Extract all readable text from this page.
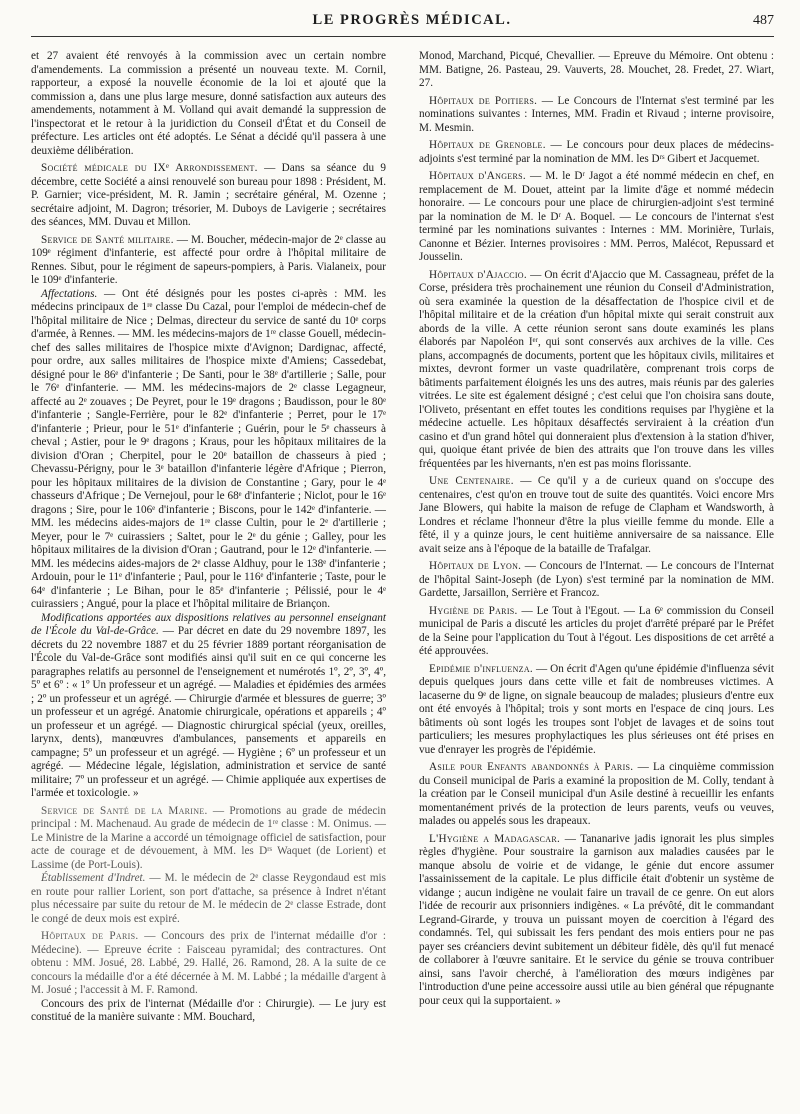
LE PROGRÈS MÉDICAL.	487

et 27 avaient été renvoyés à la commission avec un certain nombre d'amendements. La commission a présenté un nouveau texte. M. Cornil, rapporteur, a exposé la nouvelle économie de la loi et ajouté que la commission a, dans une plus large mesure, donné satisfaction aux auteurs des amendements, notamment à M. Volland qui avait demandé la suppression de l'inspectorat et le retour à la juridiction du Conseil d'État et du Conseil de préfecture. Les articles ont été adoptés. Le Sénat a décidé qu'il passera à une deuxième délibération.

Société médicale du IXᵉ Arrondissement. — Dans sa séance du 9 décembre, cette Société a ainsi renouvelé son bureau pour 1898 : Président, M. P. Garnier; vice-président, M. R. Jamin ; secrétaire général, M. Ozenne ; secrétaire adjoint, M. Dagron; trésorier, M. Duboys de Lavigerie ; secrétaires des séances, MM. Duvau et Millon.

Service de Santé militaire. — M. Boucher, médecin-major de 2ᵉ classe au 109ᵉ régiment d'infanterie, est affecté pour ordre à l'hôpital militaire de Rennes. Sibut, pour le régiment de sapeurs-pompiers, à Paris. Vialaneix, pour le 109ᵉ d'infanterie.

Affectations. — Ont été désignés pour les postes ci-après : MM. les médecins principaux de 1ʳᵉ classe Du Cazal, pour l'emploi de médecin-chef de l'hôpital militaire de Nice ; Delmas, directeur du service de santé du 10ᵉ corps d'armée, à Rennes. — MM. les médecins-majors de 1ʳᵉ classe Gouell, médecin-chef des salles militaires de l'hospice mixte d'Avignon; Dardignac, affecté, pour ordre, aux salles militaires de l'hospice mixte d'Amiens; Cassedebat, désigné pour le 86ᵉ d'infanterie ; De Santi, pour le 38ᵉ d'artillerie ; Salle, pour le 76ᵉ d'infanterie. — MM. les médecins-majors de 2ᵉ classe Legagneur, affecté au 2ᵉ zouaves ; De Peyret, pour le 19ᵉ dragons ; Baudisson, pour le 80ᵉ d'infanterie ; Sangle-Ferrière, pour le 82ᵉ d'infanterie ; Perret, pour le 17ᵉ d'infanterie ; Prieur, pour le 51ᵉ d'infanterie ; Guérin, pour le 5ᵉ chasseurs à cheval ; Astier, pour le 9ᵉ dragons ; Kraus, pour les hôpitaux militaires de la division d'Oran ; Cherpitel, pour le 20ᵉ bataillon de chasseurs à pied ; Chevassu-Périgny, pour le 3ᵉ bataillon d'infanterie légère d'Afrique ; Pierron, pour les hôpitaux militaires de la division de Constantine ; Gary, pour le 4ᵉ chasseurs d'Afrique ; De Vernejoul, pour le 68ᵉ d'infanterie ; Niclot, pour le 16ᵉ dragons ; Sire, pour le 106ᵉ d'infanterie ; Biscons, pour le 142ᵉ d'infanterie. — MM. les médecins aides-majors de 1ʳᵉ classe Cultin, pour le 2ᵉ d'artillerie ; Meyer, pour le 7ᵉ cuirassiers ; Saltet, pour le 2ᵉ du génie ; Galley, pour les hôpitaux militaires de la division d'Oran ; Gautrand, pour le 12ᵉ d'infanterie. — MM. les médecins aides-majors de 2ᵉ classe Aldhuy, pour le 138ᵉ d'infanterie ; Ardouin, pour le 11ᵉ d'infanterie ; Paul, pour le 116ᵉ d'infanterie ; Taste, pour le 64ᵉ d'infanterie ; Le Bihan, pour le 85ᵉ d'infanterie ; Pélissié, pour le 4ᵉ cuirassiers ; Angué, pour la place et l'hôpital militaire de Briançon.

Modifications apportées aux dispositions relatives au personnel enseignant de l'École du Val-de-Grâce. — Par décret en date du 29 novembre 1897, les décrets du 22 novembre 1887 et du 25 février 1889 portant réorganisation de l'École du Val-de-Grâce sont modifiés ainsi qu'il suit en ce qui concerne les paragraphes relatifs au personnel de l'enseignement et numérotés 1º, 2º, 3º, 4º, 5º et 6º : « 1º Un professeur et un agrégé. — Maladies et épidémies des armées ; 2º un professeur et un agrégé. — Chirurgie d'armée et blessures de guerre; 3º un professeur et un agrégé. Anatomie chirurgicale, opérations et appareils ; 4º un professeur et un agrégé. — Diagnostic chirurgical spécial (yeux, oreilles, larynx, dents), manœuvres d'ambulances, pansements et appareils en campagne; 5º un professeur et un agrégé. — Hygiène ; 6º un professeur et un agrégé. — Médecine légale, législation, administration et service de santé militaire; 7º un professeur et un agrégé. — Chimie appliquée aux expertises de l'armée et toxicologie. »

Service de Santé de la Marine. — Promotions au grade de médecin principal : M. Machenaud. Au grade de médecin de 1ʳᵉ classe : M. Onimus. — Le Ministre de la Marine a accordé un témoignage officiel de satisfaction, pour acte de courage et de dévouement, à MM. les Dʳˢ Waquet (de Lorient) et Lassime (de Port-Louis).

Établissement d'Indret. — M. le médecin de 2ᵉ classe Reygondaud est mis en route pour rallier Lorient, son port d'attache, sa présence à Indret n'étant plus nécessaire par suite du retour de M. le médecin de 2ᵉ classe Estrade, dont le congé de deux mois est expiré.

Hôpitaux de Paris. — Concours des prix de l'internat médaille d'or : Médecine). — Epreuve écrite : Faisceau pyramidal; des contractures. Ont obtenu : MM. Josué, 28. Labbé, 29. Hallé, 26. Ramond, 28. A la suite de ce concours la médaille d'or a été décernée à M. M. Labbé ; la médaille d'argent à M. Josué ; l'accessit à M. F. Ramond.

Concours des prix de l'internat (Médaille d'or : Chirurgie). — Le jury est constitué de la manière suivante : MM. Bouchard,

Monod, Marchand, Picqué, Chevallier. — Epreuve du Mémoire. Ont obtenu : MM. Batigne, 26. Pasteau, 29. Vauverts, 28. Mouchet, 28. Fredet, 27. Wiart, 27.

Hôpitaux de Poitiers. — Le Concours de l'Internat s'est terminé par les nominations suivantes : Internes, MM. Fradin et Rivaud ; interne provisoire, M. Mesmin.

Hôpitaux de Grenoble. — Le concours pour deux places de médecins-adjoints s'est terminé par la nomination de MM. les Dʳˢ Gibert et Jacquemet.

Hôpitaux d'Angers. — M. le Dʳ Jagot a été nommé médecin en chef, en remplacement de M. Douet, atteint par la limite d'âge et nommé médecin honoraire. — Le concours pour une place de chirurgien-adjoint s'est terminé par la nomination de M. le Dʳ A. Boquel. — Le concours de l'internat s'est terminé par les nominations suivantes : Internes : MM. Morinière, Turlais, Canonne et Bézier. Internes provisoires : MM. Perros, Malécot, Repussard et Jousselin.

Hôpitaux d'Ajaccio. — On écrit d'Ajaccio que M. Cassagneau, préfet de la Corse, présidera très prochainement une réunion du Conseil d'Administration, où sera examinée la question de la désaffectation de l'hospice civil et de l'hôpital militaire et de la création d'un hôpital mixte qui serait construit aux abords de la ville. A cette réunion seront sans doute examinés les plans élaborés par Napoléon Iᵉʳ, qui sont conservés aux archives de la ville. Ces plans, accompagnés de documents, portent que les hôpitaux civils, militaires et mixtes, devront former un vaste quadrilatère, comprenant trois corps de bâtiments parfaitement éloignés les uns des autres, mais réunis par des galeries vitrées. Le site est également désigné ; c'est celui que l'on choisira sans doute, l'Oliveto, présentant en effet toutes les conditions requises par l'hygiène et la médecine actuelle. Les hôpitaux désaffectés serviraient à la création d'un casino et d'un grand hôtel qui donneraient plus d'extension à la station d'hiver, qui, quoique étant privée de bien des attraits que l'on trouve dans les villes fréquentées par les hivernants, n'en est pas moins florissante.

Une Centenaire. — Ce qu'il y a de curieux quand on s'occupe des centenaires, c'est qu'on en trouve tout de suite des quantités. Voici encore Mrs Jane Blowers, qui habite la maison de refuge de Clapham et Wandsworth, à Londres et réclame l'honneur d'être la plus vieille femme du monde. Elle a fêté, il y a quinze jours, le cent huitième anniversaire de sa naissance. Elle avait seize ans à l'époque de la bataille de Trafalgar.

Hôpitaux de Lyon. — Concours de l'Internat. — Le concours de l'Internat de l'hôpital Saint-Joseph (de Lyon) s'est terminé par la nomination de MM. Gardette, Jarsaillon, Serrière et Francoz.

Hygiène de Paris. — Le Tout à l'Egout. — La 6ᵉ commission du Conseil municipal de Paris a discuté les articles du projet d'arrêté préparé par le Préfet de la Seine pour l'application du Tout à l'égout. Les dispositions de cet arrêté a été approuvées.

Epidémie d'influenza. — On écrit d'Agen qu'une épidémie d'influenza sévit depuis quelques jours dans cette ville et fait de nombreuses victimes. A lacaserne du 9ᵉ de ligne, on signale beaucoup de malades; plusieurs d'entre eux ont été envoyés à l'hôpital; trois y sont morts en l'espace de cinq jours. Les bâtiments où sont logés les troupes sont l'objet de lavages et de soins tout particuliers; les mesures prophylactiques les plus sérieuses ont été prises en vue d'enrayer les progrès de l'épidémie.

Asile pour Enfants abandonnés à Paris. — La cinquième commission du Conseil municipal de Paris a examiné la proposition de M. Colly, tendant à la création par le Conseil municipal d'un Asile destiné à recueillir les enfants momentanément privés de la protection de leurs parents, veufs ou veuves, malades ou appelés sous les drapeaux.

L'Hygiène a Madagascar. — Tananarive jadis ignorait les plus simples règles d'hygiène. Pour soustraire la garnison aux maladies causées par le manque absolu de voirie et de vidange, le génie dut encore assumer l'assainissement de la capitale. Le plus difficile était d'obtenir un système de vidange ; aucun indigène ne voulait faire un travail de ce genre. On eut alors l'idée de recourir aux prisonniers indigènes. « La prévôté, dit le commandant Legrand-Girarde, y trouva un puissant moyen de coercition à l'égard des condamnés. Tel, qui subissait les fers pendant des mois entiers pour ne pas payer ses créanciers devint subitement un débiteur fidèle, dès qu'il fut menacé de collaborer à l'œuvre sanitaire. Et le service du génie se trouva contribuer ainsi, sans l'avoir cherché, à l'amélioration des mœurs indigènes par l'introduction d'une peine accessoire aussi utile au bien général que répugnante pour ceux qui la supportaient. »
